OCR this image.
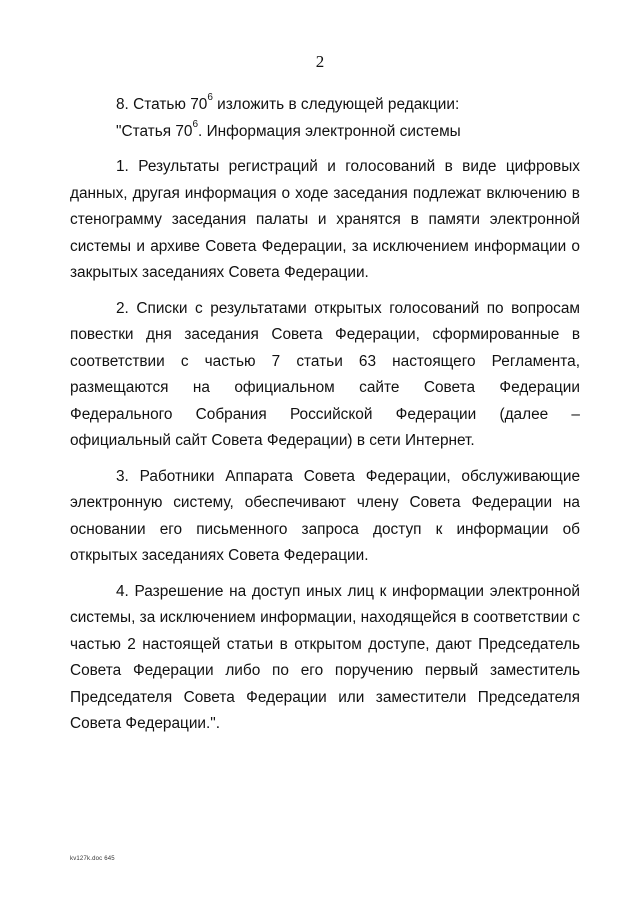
2

8. Статью $70^6$ изложить в следующей редакции:

"Статья $70^6$. Информация электронной системы

1. Результаты регистраций и голосований в виде цифровых данных, другая информация о ходе заседания подлежат включению в стенограмму заседания палаты и хранятся в памяти электронной системы и архиве Совета Федерации, за исключением информации о закрытых заседаниях Совета Федерации.

2. Списки с результатами открытых голосований по вопросам повестки дня заседания Совета Федерации, сформированные в соответствии с частью 7 статьи 63 настоящего Регламента, размещаются на официальном сайте Совета Федерации Федерального Собрания Российской Федерации (далее – официальный сайт Совета Федерации) в сети Интернет.

3. Работники Аппарата Совета Федерации, обслуживающие электронную систему, обеспечивают члену Совета Федерации на основании его письменного запроса доступ к информации об открытых заседаниях Совета Федерации.

4. Разрешение на доступ иных лиц к информации электронной системы, за исключением информации, находящейся в соответствии с частью 2 настоящей статьи в открытом доступе, дают Председатель Совета Федерации либо по его поручению первый заместитель Председателя Совета Федерации или заместители Председателя Совета Федерации.".

kv127k.doc 645
